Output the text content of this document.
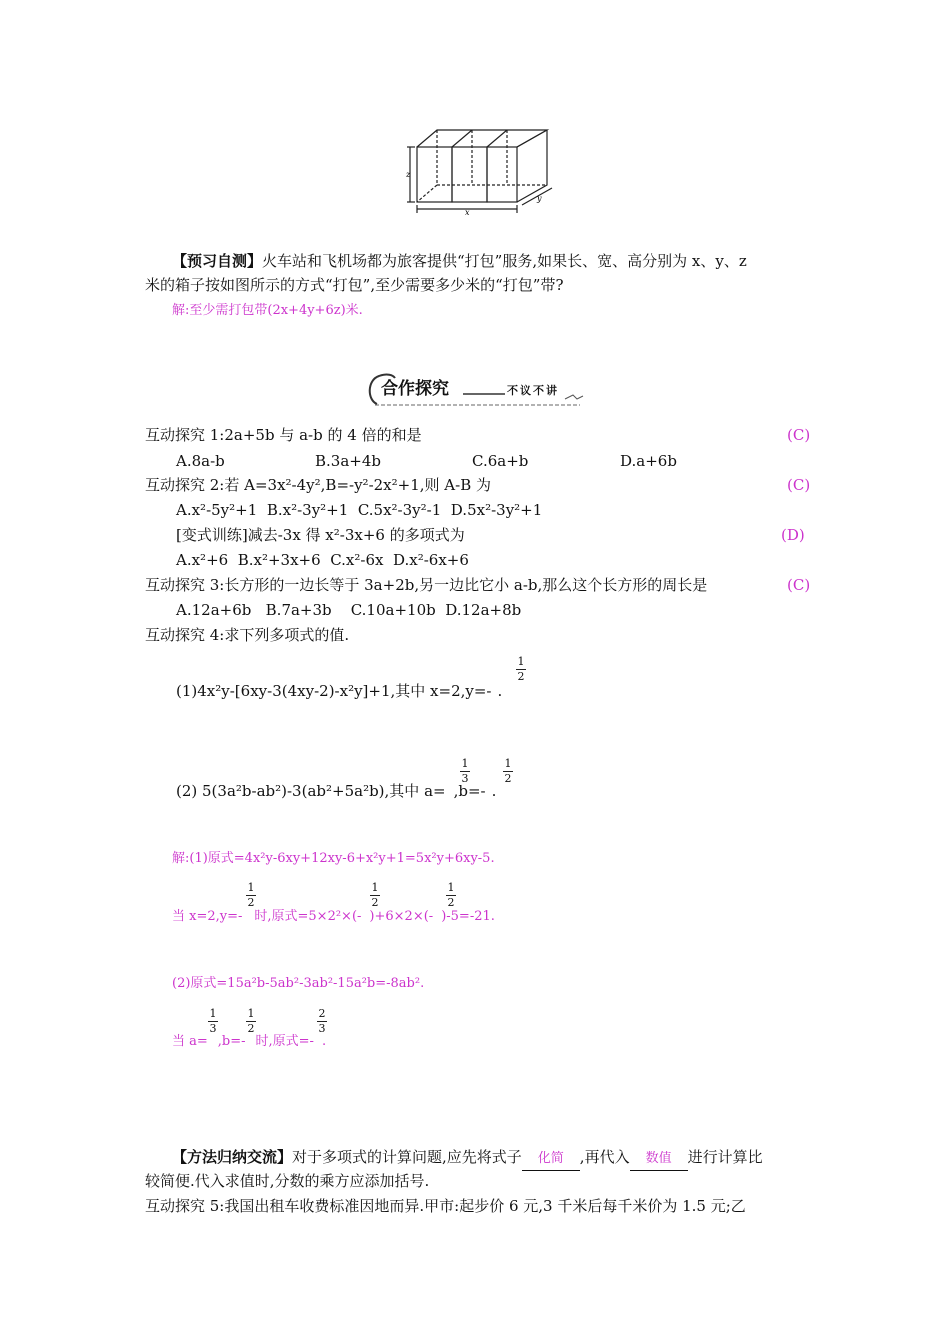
z
x
y
【预习自测】火车站和飞机场都为旅客提供“打包”服务,如果长、宽、高分别为 x、y、z
米的箱子按如图所示的方式“打包”,至少需要多少米的“打包”带?
解:至少需打包带(2x+4y+6z)米.
合作探究	不议不讲
互动探究 1:2a+5b 与 a-b 的 4 倍的和是	(C)
A.8a-b	B.3a+4b	C.6a+b	D.a+6b
互动探究 2:若 A=3x²-4y²,B=-y²-2x²+1,则 A-B 为	(C)
A.x²-5y²+1  B.x²-3y²+1  C.5x²-3y²-1  D.5x²-3y²+1
[变式训练]减去-3x 得 x²-3x+6 的多项式为	(D)
A.x²+6  B.x²+3x+6  C.x²-6x  D.x²-6x+6
互动探究 3:长方形的一边长等于 3a+2b,另一边比它小 a-b,那么这个长方形的周长是	(C)
A.12a+6b   B.7a+3b    C.10a+10b  D.12a+8b
互动探究 4:求下列多项式的值.
(1)4x²y-[6xy-3(4xy-2)-x²y]+1,其中 x=2,y=- .
1
2
(2) 5(3a²b-ab²)-3(ab²+5a²b),其中 a= ,b=- .
1
3
1
2
解:(1)原式=4x²y-6xy+12xy-6+x²y+1=5x²y+6xy-5.
当 x=2,y=- 时,原式=5×2²×(- )+6×2×(- )-5=-21.
1
2
1
2
1
2
(2)原式=15a²b-5ab²-3ab²-15a²b=-8ab².
当 a= ,b=- 时,原式=- .
1
3
1
2
2
3
【方法归纳交流】对于多项式的计算问题,应先将式子 化简 ,再代入 数值 进行计算比
较简便.代入求值时,分数的乘方应添加括号.
互动探究 5:我国出租车收费标准因地而异.甲市:起步价 6 元,3 千米后每千米价为 1.5 元;乙
